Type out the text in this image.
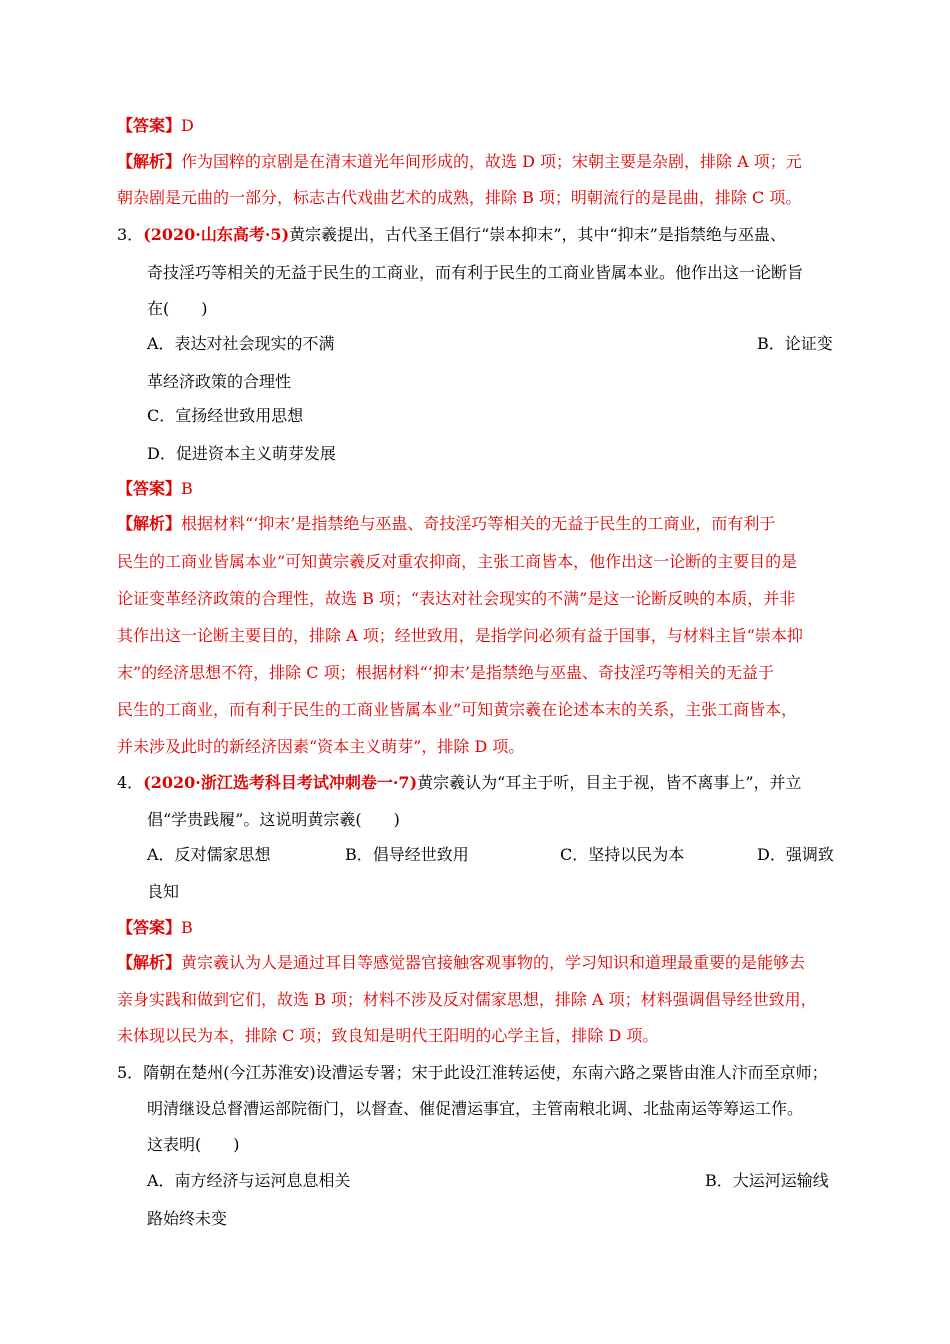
【答案】D
【解析】作为国粹的京剧是在清末道光年间形成的，故选 D 项；宋朝主要是杂剧，排除 A 项；元
朝杂剧是元曲的一部分，标志古代戏曲艺术的成熟，排除 B 项；明朝流行的是昆曲，排除 C 项。
3．(2020·山东高考·5)黄宗羲提出，古代圣王倡行“崇本抑末”，其中“抑末”是指禁绝与巫蛊、
奇技淫巧等相关的无益于民生的工商业，而有利于民生的工商业皆属本业。他作出这一论断旨
在(　　)
A．表达对社会现实的不满	B．论证变
革经济政策的合理性
C．宣扬经世致用思想
D．促进资本主义萌芽发展
【答案】B
【解析】根据材料“‘抑末’是指禁绝与巫蛊、奇技淫巧等相关的无益于民生的工商业，而有利于
民生的工商业皆属本业”可知黄宗羲反对重农抑商，主张工商皆本，他作出这一论断的主要目的是
论证变革经济政策的合理性，故选 B 项；“表达对社会现实的不满”是这一论断反映的本质，并非
其作出这一论断主要目的，排除 A 项；经世致用，是指学问必须有益于国事，与材料主旨“崇本抑
末”的经济思想不符，排除 C 项；根据材料“‘抑末’是指禁绝与巫蛊、奇技淫巧等相关的无益于
民生的工商业，而有利于民生的工商业皆属本业”可知黄宗羲在论述本末的关系，主张工商皆本，
并未涉及此时的新经济因素“资本主义萌芽”，排除 D 项。
4．(2020·浙江选考科目考试冲刺卷一·7)黄宗羲认为“耳主于听，目主于视，皆不离事上”，并立
倡“学贵践履”。这说明黄宗羲(　　)
A．反对儒家思想	B．倡导经世致用	C．坚持以民为本	D．强调致
良知
【答案】B
【解析】黄宗羲认为人是通过耳目等感觉器官接触客观事物的，学习知识和道理最重要的是能够去
亲身实践和做到它们，故选 B 项；材料不涉及反对儒家思想，排除 A 项；材料强调倡导经世致用，
未体现以民为本，排除 C 项；致良知是明代王阳明的心学主旨，排除 D 项。
5．隋朝在楚州(今江苏淮安)设漕运专署；宋于此设江淮转运使，东南六路之粟皆由淮人汴而至京师；
明清继设总督漕运部院衙门，以督查、催促漕运事宜，主管南粮北调、北盐南运等筹运工作。
这表明(　　)
A．南方经济与运河息息相关	B．大运河运输线
路始终未变
